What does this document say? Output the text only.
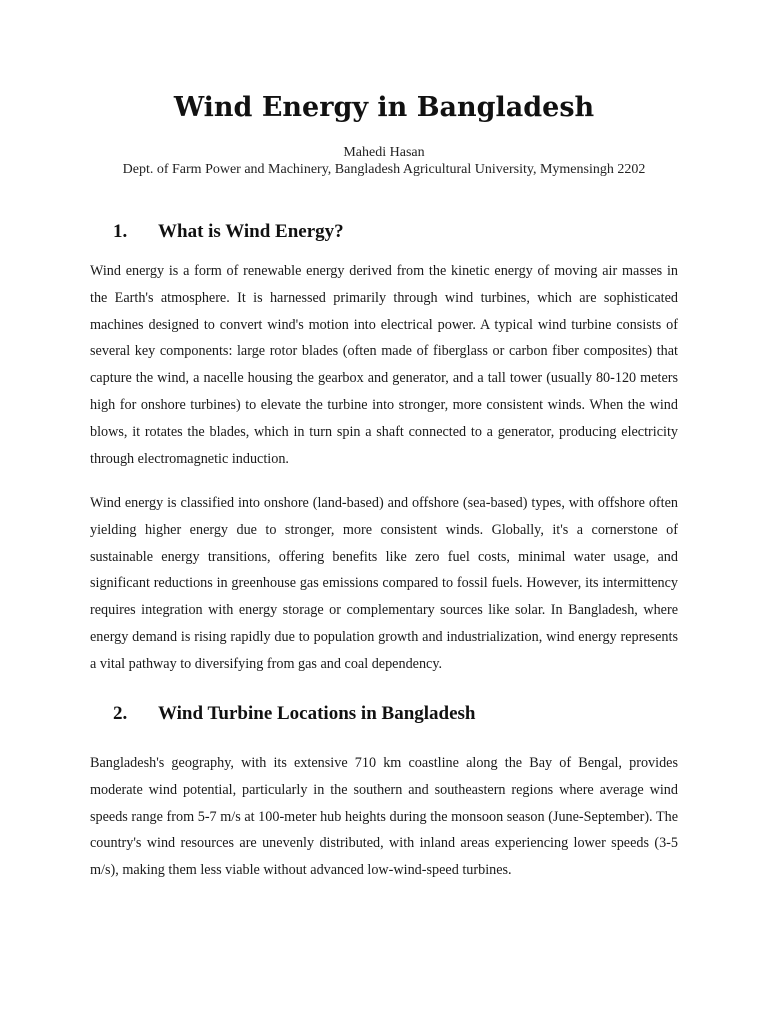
Wind Energy in Bangladesh

Mahedi Hasan

Dept. of Farm Power and Machinery, Bangladesh Agricultural University, Mymensingh 2202

1. What is Wind Energy?

Wind energy is a form of renewable energy derived from the kinetic energy of moving air masses in the Earth's atmosphere. It is harnessed primarily through wind turbines, which are sophisticated machines designed to convert wind's motion into electrical power. A typical wind turbine consists of several key components: large rotor blades (often made of fiberglass or carbon fiber composites) that capture the wind, a nacelle housing the gearbox and generator, and a tall tower (usually 80-120 meters high for onshore turbines) to elevate the turbine into stronger, more consistent winds. When the wind blows, it rotates the blades, which in turn spin a shaft connected to a generator, producing electricity through electromagnetic induction.

Wind energy is classified into onshore (land-based) and offshore (sea-based) types, with offshore often yielding higher energy due to stronger, more consistent winds. Globally, it's a cornerstone of sustainable energy transitions, offering benefits like zero fuel costs, minimal water usage, and significant reductions in greenhouse gas emissions compared to fossil fuels. However, its intermittency requires integration with energy storage or complementary sources like solar. In Bangladesh, where energy demand is rising rapidly due to population growth and industrialization, wind energy represents a vital pathway to diversifying from gas and coal dependency.

2. Wind Turbine Locations in Bangladesh

Bangladesh's geography, with its extensive 710 km coastline along the Bay of Bengal, provides moderate wind potential, particularly in the southern and southeastern regions where average wind speeds range from 5-7 m/s at 100-meter hub heights during the monsoon season (June-September). The country's wind resources are unevenly distributed, with inland areas experiencing lower speeds (3-5 m/s), making them less viable without advanced low-wind-speed turbines.
